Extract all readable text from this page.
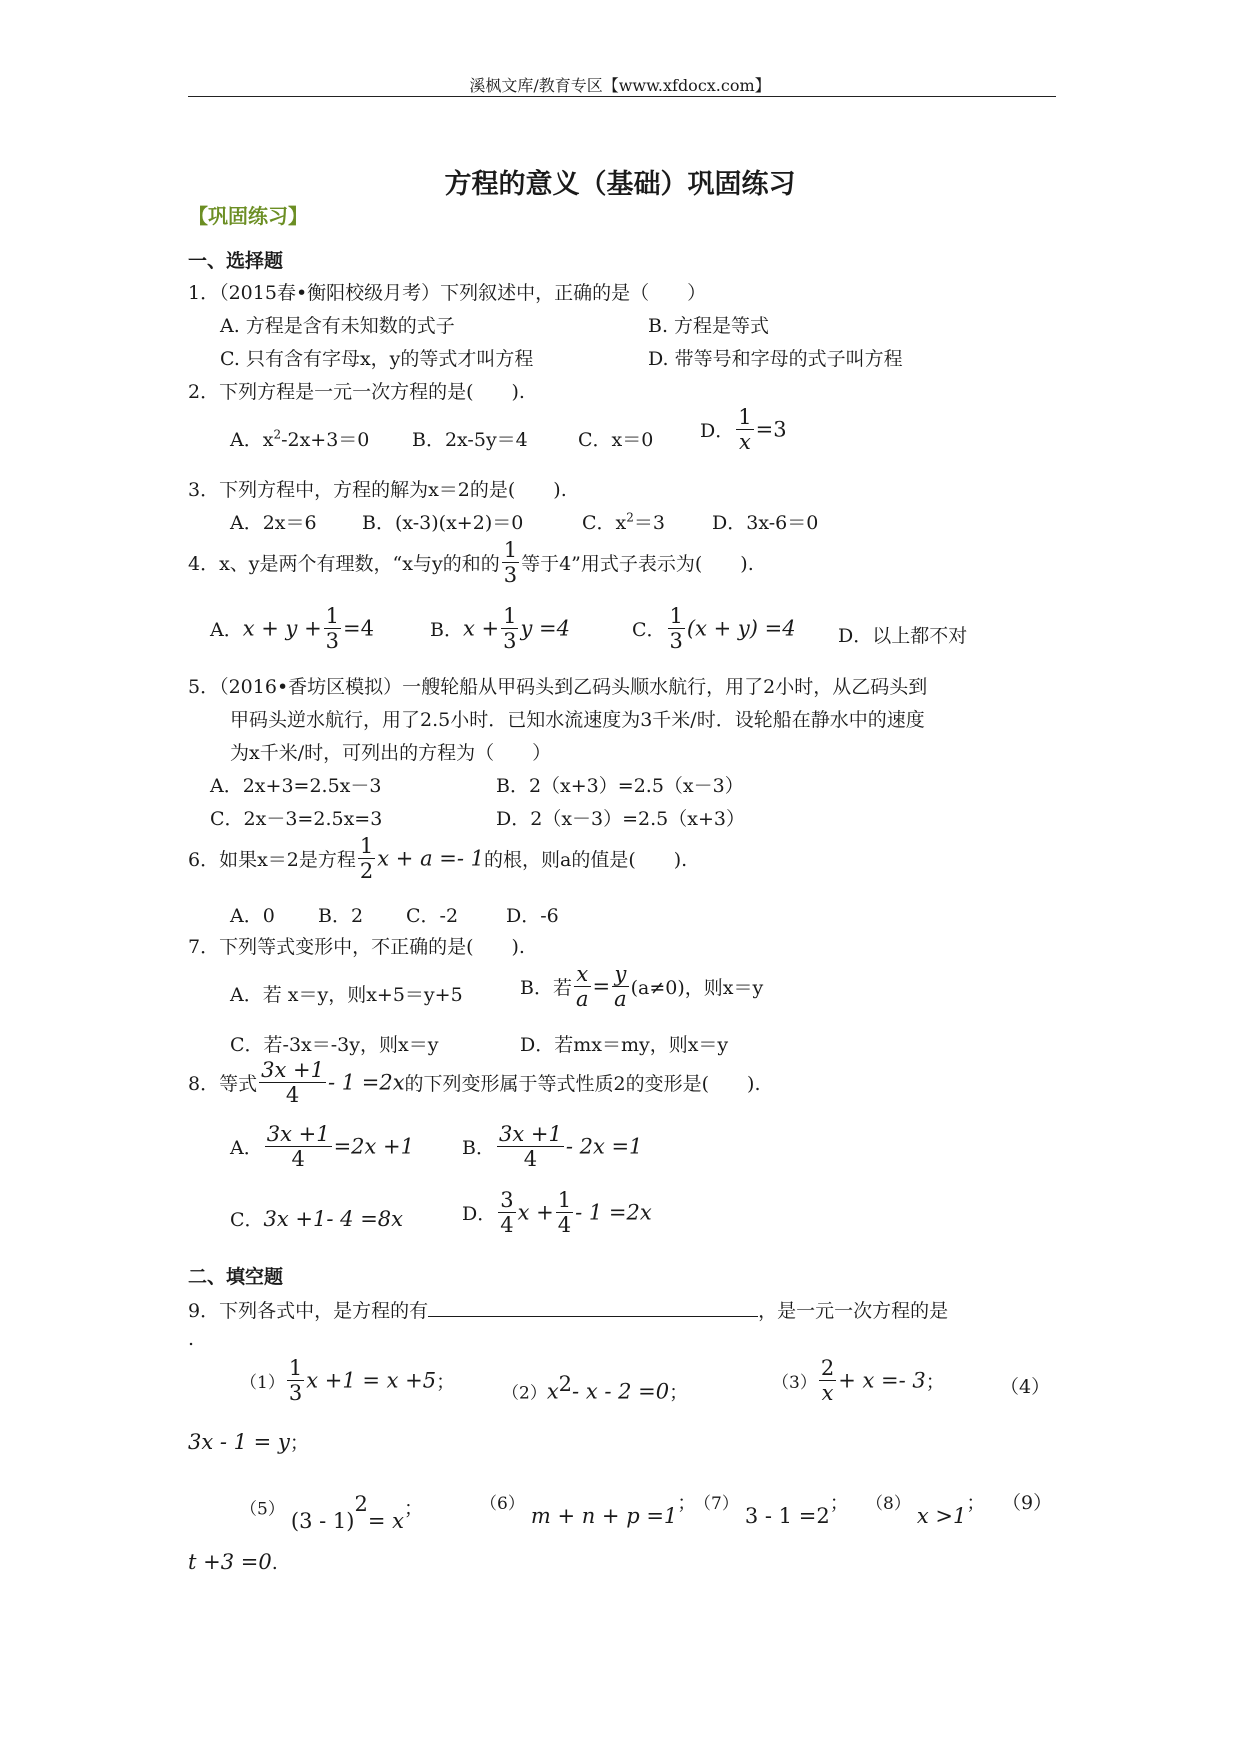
溪枫文库/教育专区【www.xfdocx.com】
方程的意义（基础）巩固练习
【巩固练习】
一、选择题
1．（2015春•衡阳校级月考）下列叙述中，正确的是（　　）
A. 方程是含有未知数的式子	B. 方程是等式
C. 只有含有字母x，y的等式才叫方程	D. 带等号和字母的式子叫方程
2．下列方程是一元一次方程的是(　　).
A．$x^2-2x+3=0$ B．2x-5y＝4	C．x＝0 D． $\frac{1}{x} =3$
3．下列方程中，方程的解为x＝2的是(　　).
A．2x＝6 B．(x-3)(x+2)＝0	C．$x^2=3$ D．3x-6＝0
4．x、y是两个有理数，“x与y的和的 $\frac{1}{3}$ 等于4”用式子表示为(　　).
A．$x + y + \frac{1}{3} =4$	B．$x + \frac{1}{3}$ y =4	C． $\frac{1}{3} (x + y) =4$ D．以上都不对
5．（2016•香坊区模拟）一艘轮船从甲码头到乙码头顺水航行，用了2小时，从乙码头到
甲码头逆水航行，用了2.5小时．已知水流速度为3千米/时．设轮船在静水中的速度
为x千米/时，可列出的方程为（　　）
A．2x+3=2.5x－3	B．2（x+3）=2.5（x－3）
C．2x－3=2.5x=3	D．2（x－3）=2.5（x+3）
6．如果x＝2是方程 $\frac{1}{2}$ x + a =- 1的根，则a的值是(　　).
A．0 B．2 C．-2	D．-6
7．下列等式变形中，不正确的是(　　).
A．若 x＝y，则x+5＝y+5	B．若 $\frac{x}{a} = \frac{y}{a} (a\ne 0)$，则x＝y
C．若-3x＝-3y，则x＝y	D．若mx＝my，则x＝y
8．等式 $\frac{3x +1}{4} - 1 =2x$的下列变形属于等式性质2的变形是(　　).
A． $\frac{3x +1}{4} =2x +1$	B． $\frac{3x +1}{4} - 2x =1$
C．3x +1- 4 =8x	D． $\frac{3}{4}$ $x + \frac{1}{4} - 1 =2x$
二、填空题
9．下列各式中，是方程的有	，是一元一次方程的是
.
$(1) \frac{1}{3}$ x +1 = x +5；
$(2)x^2-$ x - 2 =0；	$(3) \frac{2}{x} + x =- 3$；	（4）
3x - 1 = y；
（5） (3 - 1)$^2$= x；	（6） m + n + p =1；
（7） 3 - 1 =2； （8） x >1； （9）
t +3 =0.
